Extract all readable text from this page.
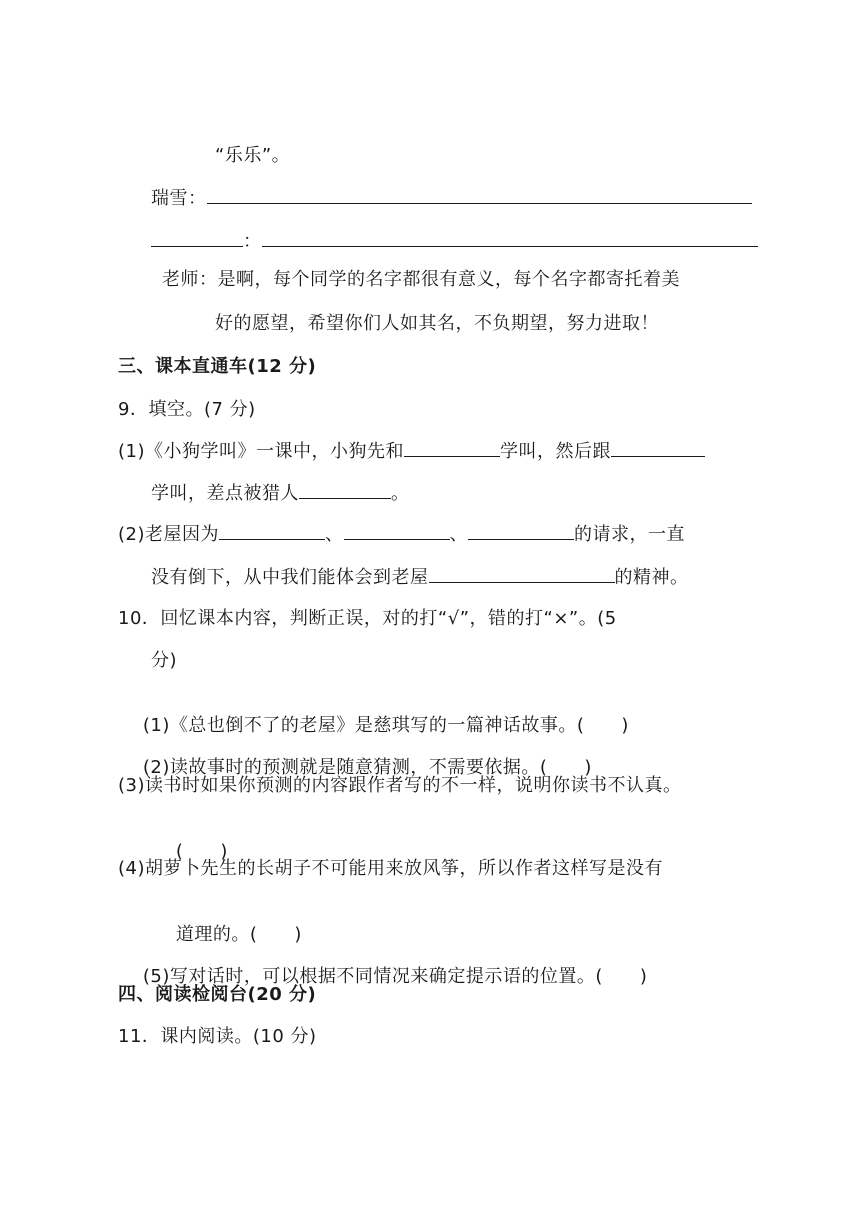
“乐乐”。
瑞雪：
：
老师：是啊，每个同学的名字都很有意义，每个名字都寄托着美
好的愿望，希望你们人如其名，不负期望，努力进取！
三、课本直通车(12 分)
9．填空。(7 分)
(1)《小狗学叫》一课中，小狗先和	学叫，然后跟
学叫，差点被猎人	。
(2)老屋因为	、	、	的请求，一直
没有倒下，从中我们能体会到老屋	的精神。
10．回忆课本内容，判断正误，对的打“√”，错的打“×”。(5
分)

(1)《总也倒不了的老屋》是慈琪写的一篇神话故事。(　　)

(2)读故事时的预测就是随意猜测，不需要依据。(　　)

(3)读书时如果你预测的内容跟作者写的不一样，说明你读书不认真。

(　　)

(4)胡萝卜先生的长胡子不可能用来放风筝，所以作者这样写是没有

道理的。(　　)

(5)写对话时，可以根据不同情况来确定提示语的位置。(　　)

四、阅读检阅台(20 分)
11．课内阅读。(10 分)
